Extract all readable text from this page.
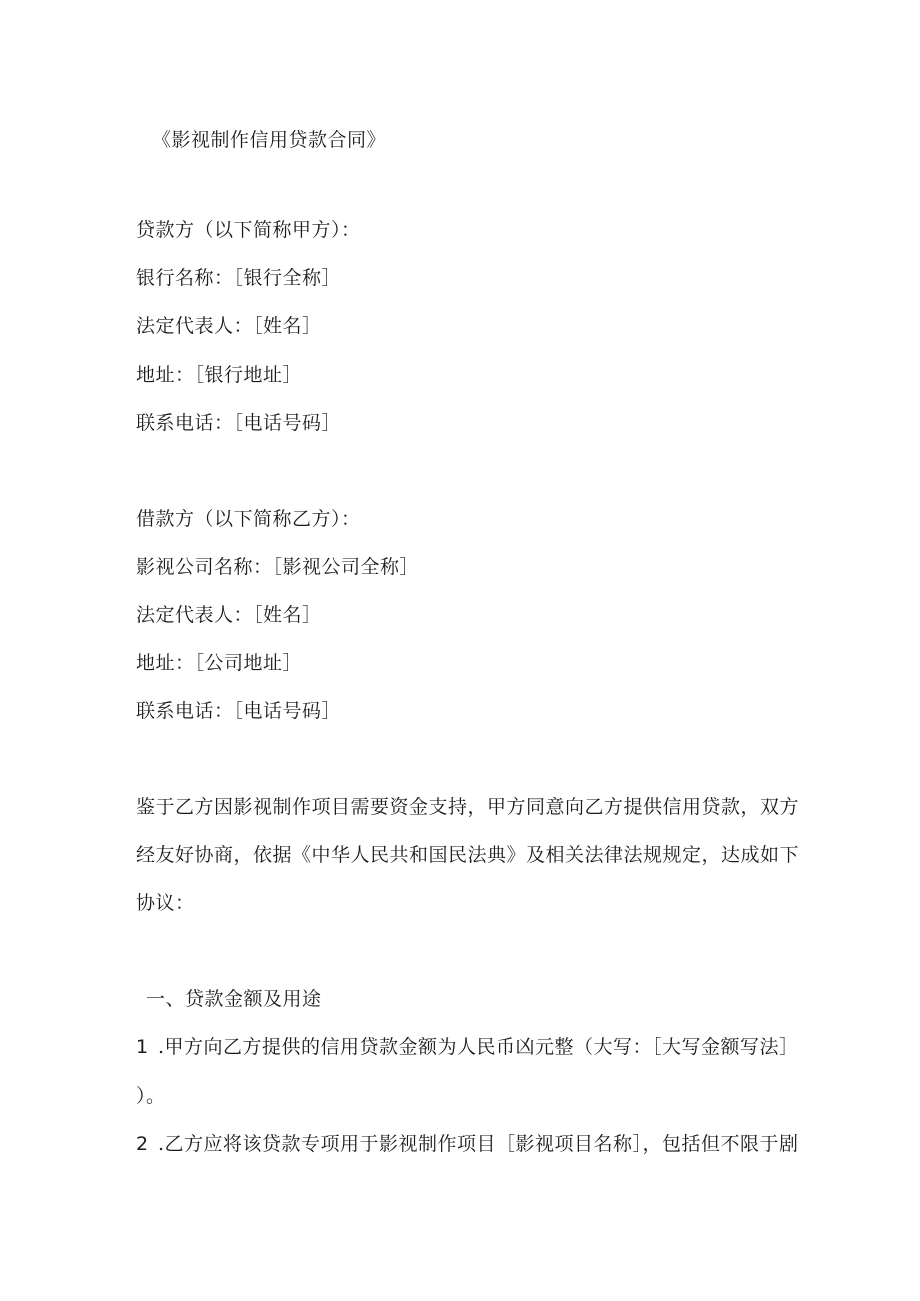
《影视制作信用贷款合同》
贷款方（以下简称甲方）：
银行名称：［银行全称］
法定代表人：［姓名］
地址：［银行地址］
联系电话：［电话号码］
借款方（以下简称乙方）：
影视公司名称：［影视公司全称］
法定代表人：［姓名］
地址：［公司地址］
联系电话：［电话号码］
鉴于乙方因影视制作项目需要资金支持，甲方同意向乙方提供信用贷款，双方
经友好协商，依据《中华人民共和国民法典》及相关法律法规规定，达成如下
协议：
一、贷款金额及用途
1 .甲方向乙方提供的信用贷款金额为人民币凶元整（大写：［大写金额写法］
）。
2 .乙方应将该贷款专项用于影视制作项目［影视项目名称］，包括但不限于剧
